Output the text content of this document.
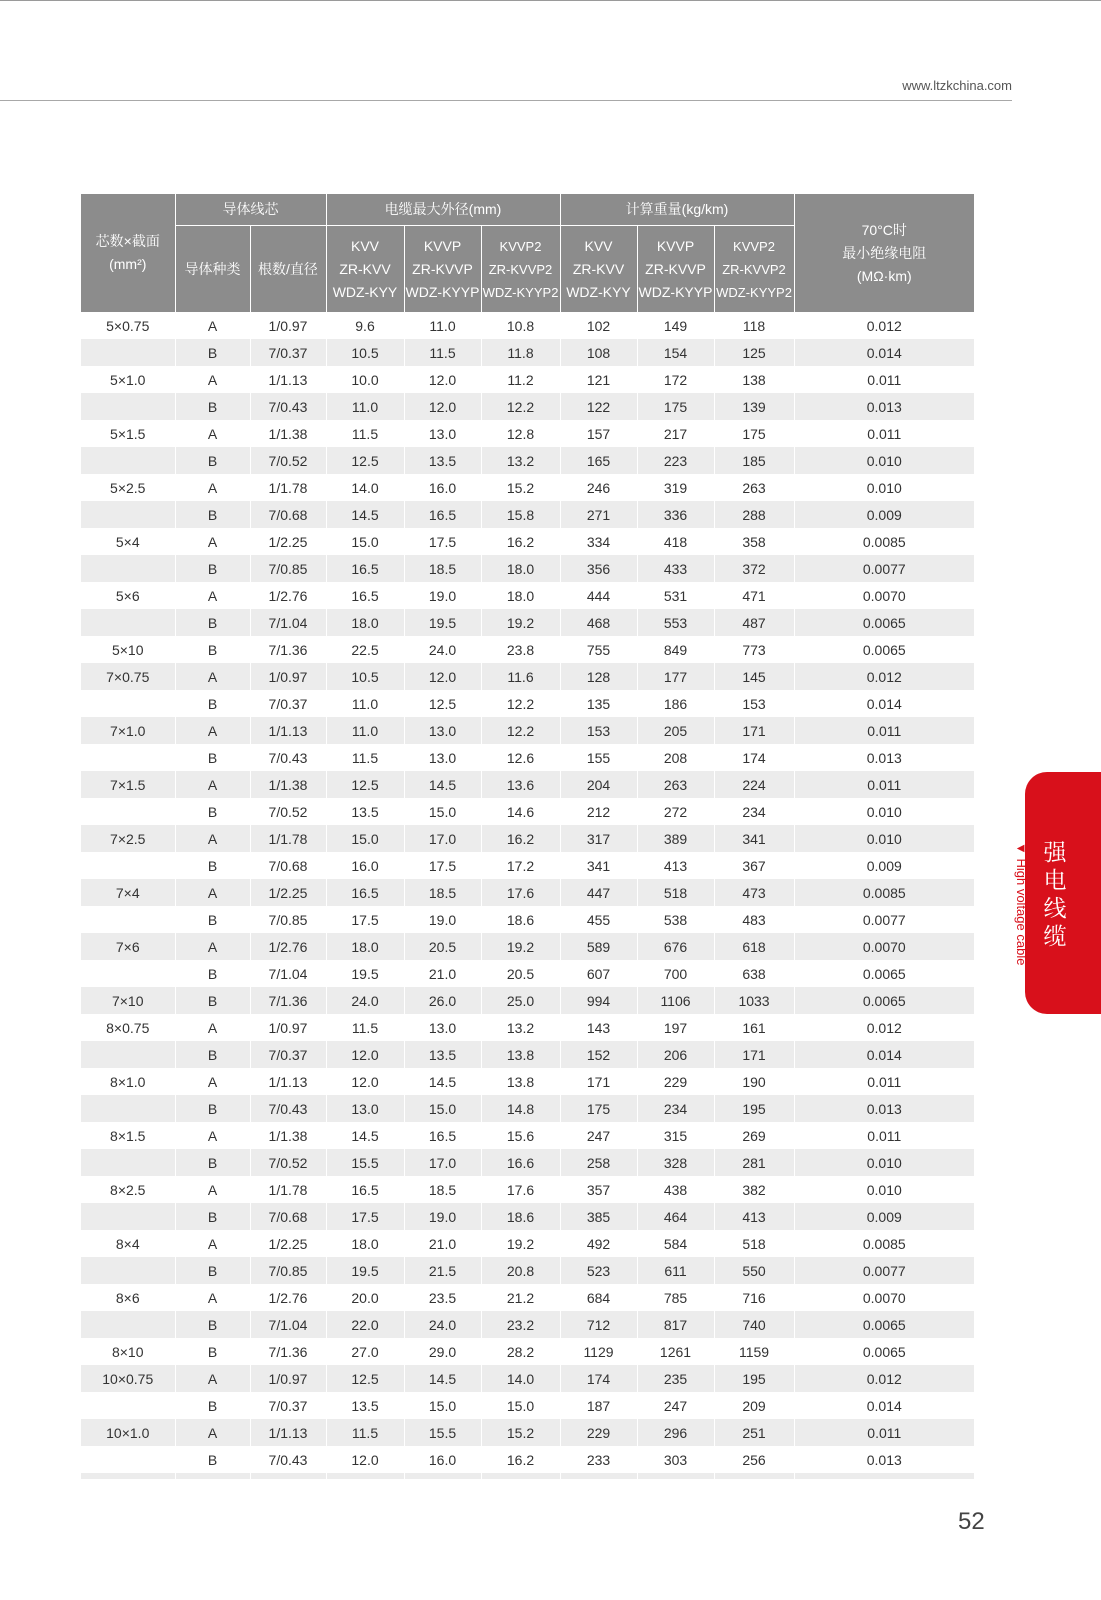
www.ltzkchina.com
芯数×截面
(mm²)	导体线芯		电缆最大外径(mm)			计算重量(kg/km)			70°C时
最小绝缘电阻
(MΩ·km)

	导体种类	根数/直径	KVV
ZR-KVV
WDZ-KYY	KVVP
ZR-KVVP
WDZ-KYYP	KVVP2
ZR-KVVP2
WDZ-KYYP2	KVV
ZR-KVV
WDZ-KYY	KVVP
ZR-KVVP
WDZ-KYYP	KVVP2
ZR-KVVP2
WDZ-KYYP2	

5×0.75	A	1/0.97	9.6	11.0	10.8	102	149	118	0.012
	B	7/0.37	10.5	11.5	11.8	108	154	125	0.014
5×1.0	A	1/1.13	10.0	12.0	11.2	121	172	138	0.011
	B	7/0.43	11.0	12.0	12.2	122	175	139	0.013
5×1.5	A	1/1.38	11.5	13.0	12.8	157	217	175	0.011
	B	7/0.52	12.5	13.5	13.2	165	223	185	0.010
5×2.5	A	1/1.78	14.0	16.0	15.2	246	319	263	0.010
	B	7/0.68	14.5	16.5	15.8	271	336	288	0.009
5×4	A	1/2.25	15.0	17.5	16.2	334	418	358	0.0085
	B	7/0.85	16.5	18.5	18.0	356	433	372	0.0077
5×6	A	1/2.76	16.5	19.0	18.0	444	531	471	0.0070
	B	7/1.04	18.0	19.5	19.2	468	553	487	0.0065
5×10	B	7/1.36	22.5	24.0	23.8	755	849	773	0.0065
7×0.75	A	1/0.97	10.5	12.0	11.6	128	177	145	0.012
	B	7/0.37	11.0	12.5	12.2	135	186	153	0.014
7×1.0	A	1/1.13	11.0	13.0	12.2	153	205	171	0.011
	B	7/0.43	11.5	13.0	12.6	155	208	174	0.013
7×1.5	A	1/1.38	12.5	14.5	13.6	204	263	224	0.011
	B	7/0.52	13.5	15.0	14.6	212	272	234	0.010
7×2.5	A	1/1.78	15.0	17.0	16.2	317	389	341	0.010
	B	7/0.68	16.0	17.5	17.2	341	413	367	0.009
7×4	A	1/2.25	16.5	18.5	17.6	447	518	473	0.0085
	B	7/0.85	17.5	19.0	18.6	455	538	483	0.0077
7×6	A	1/2.76	18.0	20.5	19.2	589	676	618	0.0070
	B	7/1.04	19.5	21.0	20.5	607	700	638	0.0065
7×10	B	7/1.36	24.0	26.0	25.0	994	1106	1033	0.0065
8×0.75	A	1/0.97	11.5	13.0	13.2	143	197	161	0.012
	B	7/0.37	12.0	13.5	13.8	152	206	171	0.014
8×1.0	A	1/1.13	12.0	14.5	13.8	171	229	190	0.011
	B	7/0.43	13.0	15.0	14.8	175	234	195	0.013
8×1.5	A	1/1.38	14.5	16.5	15.6	247	315	269	0.011
	B	7/0.52	15.5	17.0	16.6	258	328	281	0.010
8×2.5	A	1/1.78	16.5	18.5	17.6	357	438	382	0.010
	B	7/0.68	17.5	19.0	18.6	385	464	413	0.009
8×4	A	1/2.25	18.0	21.0	19.2	492	584	518	0.0085
	B	7/0.85	19.5	21.5	20.8	523	611	550	0.0077
8×6	A	1/2.76	20.0	23.5	21.2	684	785	716	0.0070
	B	7/1.04	22.0	24.0	23.2	712	817	740	0.0065
8×10	B	7/1.36	27.0	29.0	28.2	1129	1261	1159	0.0065
10×0.75	A	1/0.97	12.5	14.5	14.0	174	235	195	0.012
	B	7/0.37	13.5	15.0	15.0	187	247	209	0.014
10×1.0	A	1/1.13	11.5	15.5	15.2	229	296	251	0.011
	B	7/0.43	12.0	16.0	16.2	233	303	256	0.013

强
电
线
缆
▼ High voltage cable
52
